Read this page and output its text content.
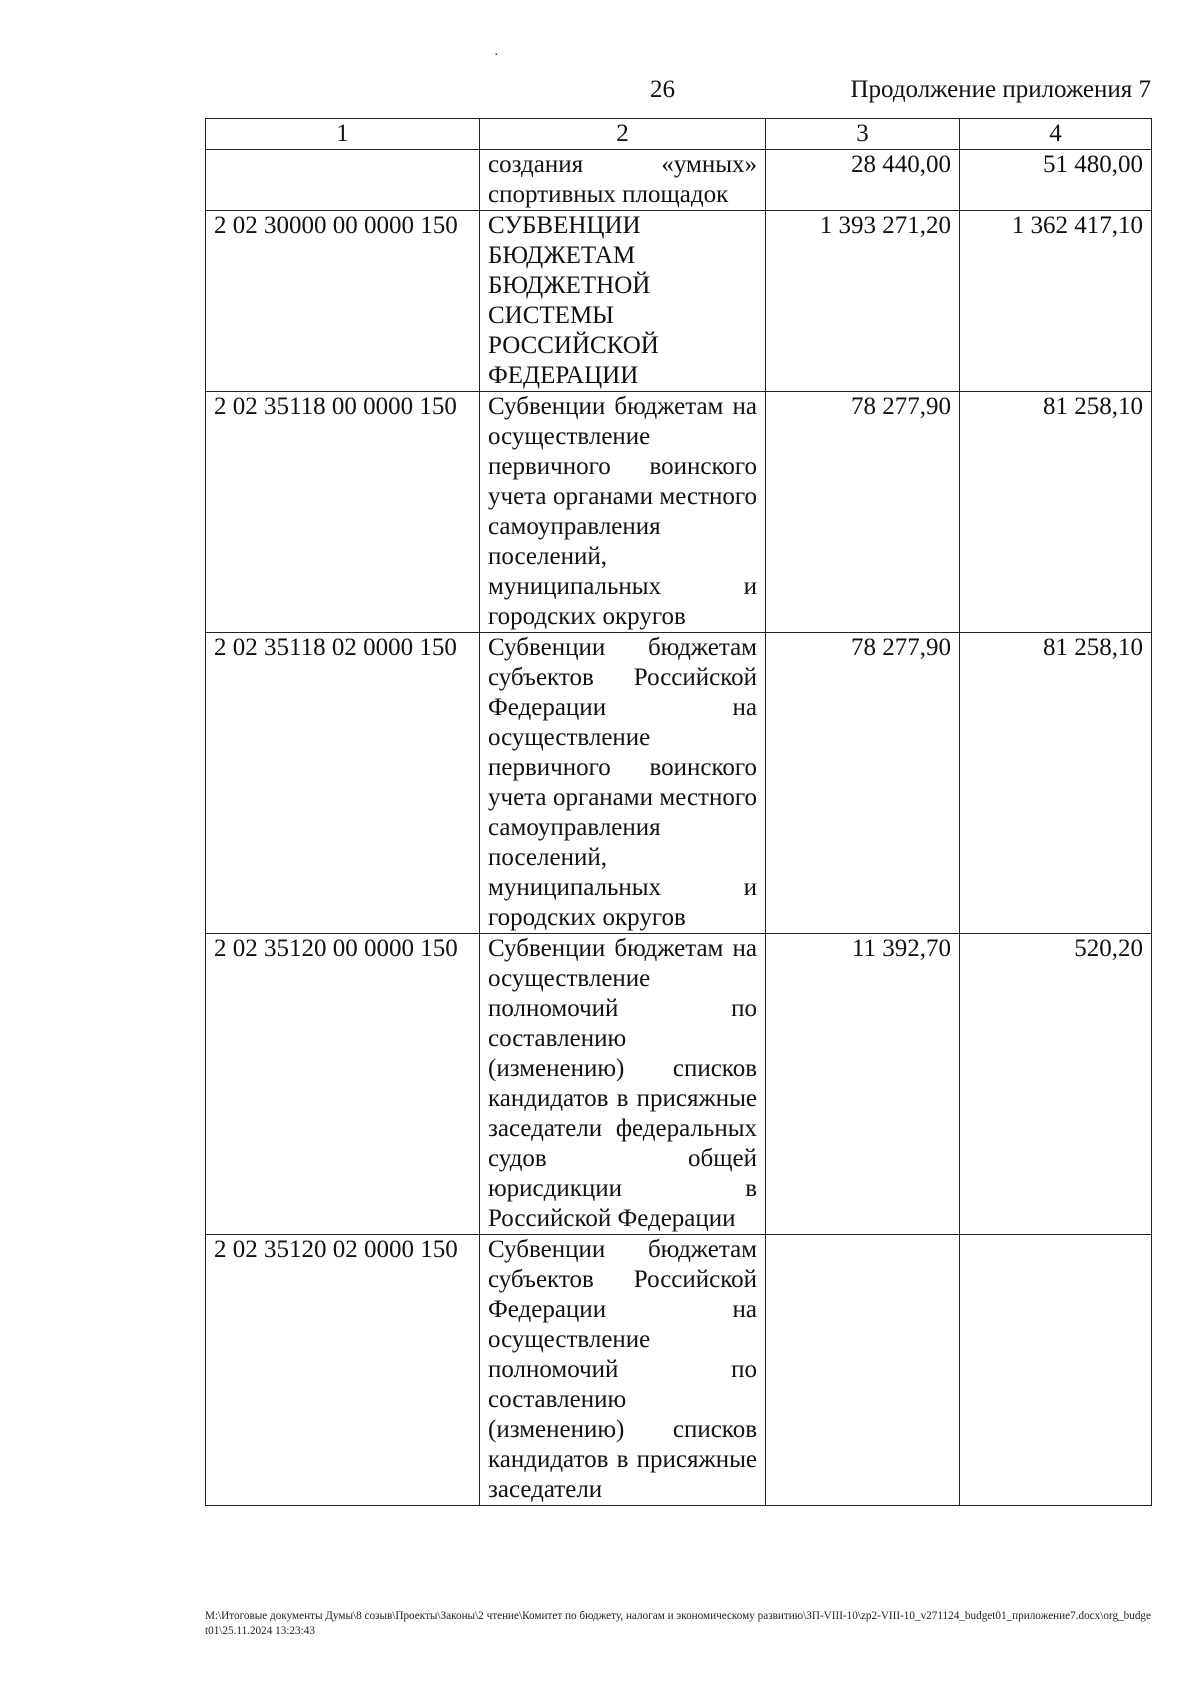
·
26	Продолжение приложения 7
1	2	3	4
	создания «умных» спортивных площадок	28 440,00	51 480,00
2 02 30000 00 0000 150	СУБВЕНЦИИ БЮДЖЕТАМ БЮДЖЕТНОЙ СИСТЕМЫ РОССИЙСКОЙ ФЕДЕРАЦИИ	1 393 271,20	1 362 417,10
2 02 35118 00 0000 150	Субвенции бюджетам на осуществление первичного воинского учета органами местного самоуправления поселений, муниципальных и городских округов	78 277,90	81 258,10
2 02 35118 02 0000 150	Субвенции бюджетам субъектов Российской Федерации на осуществление первичного воинского учета органами местного самоуправления поселений, муниципальных и городских округов	78 277,90	81 258,10
2 02 35120 00 0000 150	Субвенции бюджетам на осуществление полномочий по составлению (изменению) списков кандидатов в присяжные заседатели федеральных судов общей юрисдикции в Российской Федерации	11 392,70	520,20
2 02 35120 02 0000 150	Субвенции бюджетам субъектов Российской Федерации на осуществление полномочий по составлению (изменению) списков кандидатов в присяжные заседатели		
M:\Итоговые документы Думы\8 созыв\Проекты\Законы\2 чтение\Комитет по бюджету, налогам и экономическому развитию\ЗП-VIII-10\zp2-VIII-10_v271124_budget01_приложение7.docx\org_budget01\25.11.2024 13:23:43
